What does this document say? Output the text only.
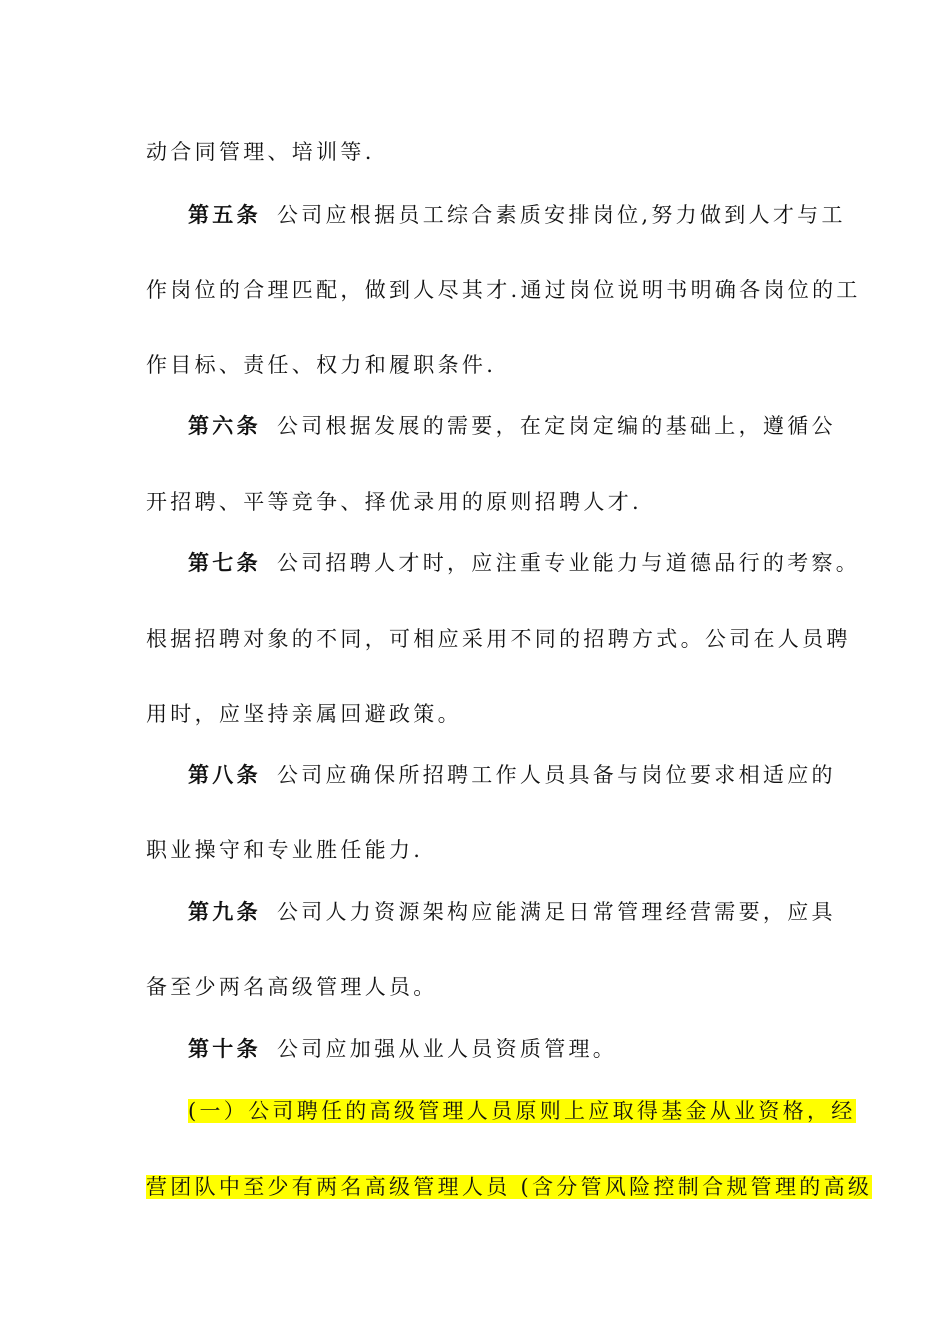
动合同管理、培训等.
第五条 公司应根据员工综合素质安排岗位,努力做到人才与工
作岗位的合理匹配，做到人尽其才.通过岗位说明书明确各岗位的工
作目标、责任、权力和履职条件.
第六条 公司根据发展的需要，在定岗定编的基础上，遵循公
开招聘、平等竞争、择优录用的原则招聘人才.
第七条 公司招聘人才时，应注重专业能力与道德品行的考察。
根据招聘对象的不同，可相应采用不同的招聘方式。公司在人员聘
用时，应坚持亲属回避政策。
第八条 公司应确保所招聘工作人员具备与岗位要求相适应的
职业操守和专业胜任能力.
第九条 公司人力资源架构应能满足日常管理经营需要，应具
备至少两名高级管理人员。
第十条 公司应加强从业人员资质管理。
(一）公司聘任的高级管理人员原则上应取得基金从业资格，经
营团队中至少有两名高级管理人员 (含分管风险控制合规管理的高级
